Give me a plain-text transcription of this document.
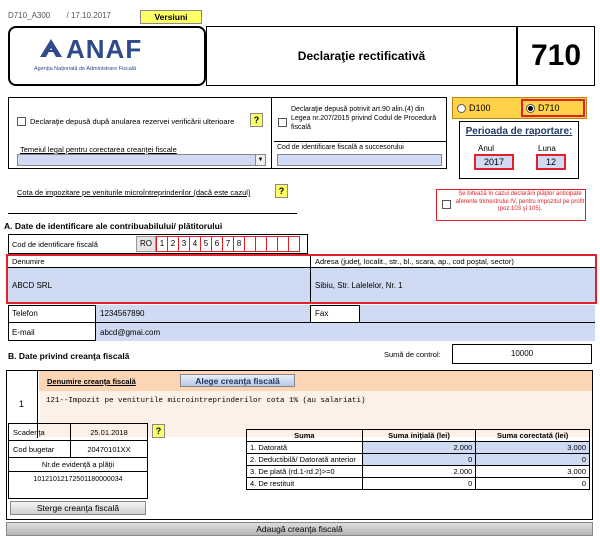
D710_A300 / 17.10.2017	Versiuni
ANAF
Agenţia Naţională de Administrare Fiscală
Declaraţie rectificativă	710
Declaraţie depusă după anularea rezervei verificării ulterioare	?
Temeiul legal pentru corectarea creanţei fiscale
▼
Declaraţie depusă potrivit art.90 alin.(4) din Legea nr.207/2015 privind Codul de Procedură fiscală
Cod de identificare fiscală a succesorului
Cota de impozitare pe veniturile microîntreprinderilor (dacă este cazul)	?
D100	D710
Perioada de raportare:
Anul	Luna
2017	12
Se bifează în cazul declarării plăţilor anticipate aferente trimestrului IV, pentru impozitul pe profit (poz.103 şi 105).
A. Date de identificare ale contribuabilului/ plătitorului
Cod de identificare fiscală	RO 1 2 3 4 5 6 7 8
Denumire	Adresa (judeţ, localit., str., bl., scara, ap., cod poştal, sector)
ABCD SRL	Sibiu, Str. Lalelelor, Nr. 1
Telefon	1234567890	Fax
E-mail	abcd@gmai.com
B. Date privind creanţa fiscală	Sumă de control:	10000
1
Denumire creanţa fiscală	Alege creanţa fiscală
121--Impozit pe veniturile microintreprinderilor cota 1% (au salariati)
Scadenţa	25.01.2018
Cod bugetar	20470101XX
Nr.de evidenţă a plăţii
10121012172501180000034
?
Sterge creanţa fiscală
Suma	Suma iniţială (lei)	Suma corectată (lei)
1. Datorată	2.000	3.000
2. Deductibilă/ Datorată anterior	0	0
3. De plată (rd.1-rd.2)>=0	2.000	3.000
4. De restituit	0	0
Adaugă creanţa fiscală
